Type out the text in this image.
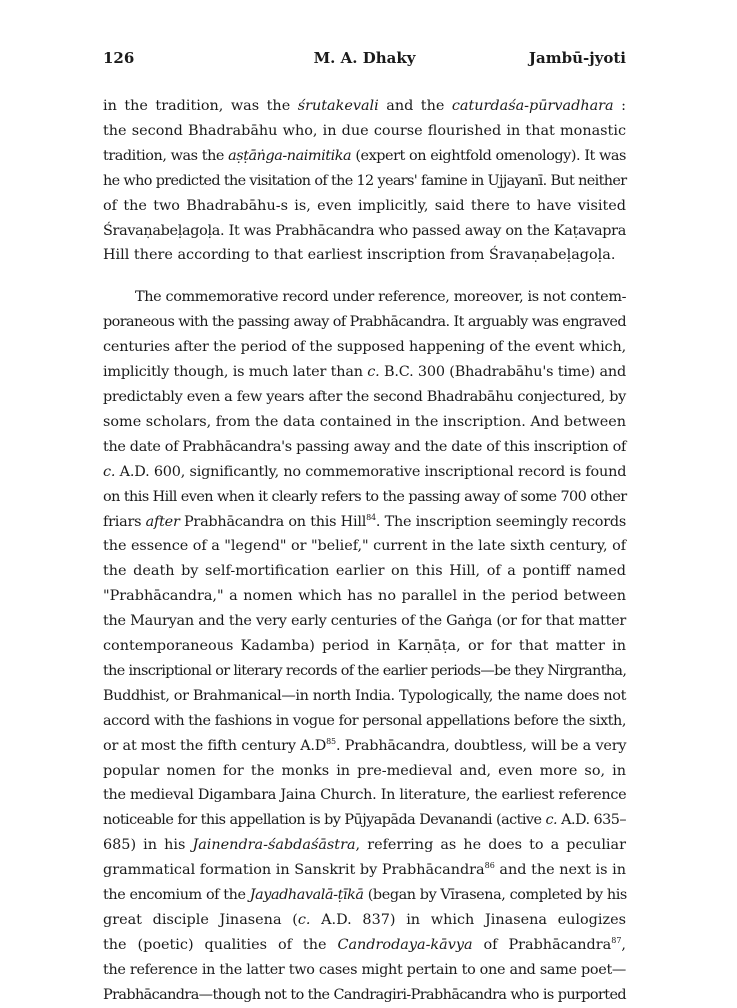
126	M. A. Dhaky	Jambū-jyoti

in the tradition, was the śrutakevali and the caturdaśa-pūrvadhara :
the second Bhadrabāhu who, in due course flourished in that monastic
tradition, was the aṣṭāṅga-naimitika (expert on eightfold omenology). It was
he who predicted the visitation of the 12 years' famine in Ujjayanī. But neither
of the two Bhadrabāhu-s is, even implicitly, said there to have visited
Śravaṇabeḷagoḷa. It was Prabhācandra who passed away on the Kaṭavapra
Hill there according to that earliest inscription from Śravaṇabeḷagoḷa.

The commemorative record under reference, moreover, is not contem-
poraneous with the passing away of Prabhācandra. It arguably was engraved
centuries after the period of the supposed happening of the event which,
implicitly though, is much later than c. B.C. 300 (Bhadrabāhu's time) and
predictably even a few years after the second Bhadrabāhu conjectured, by
some scholars, from the data contained in the inscription. And between
the date of Prabhācandra's passing away and the date of this inscription of
c. A.D. 600, significantly, no commemorative inscriptional record is found
on this Hill even when it clearly refers to the passing away of some 700 other
friars after Prabhācandra on this Hill$^{84}$. The inscription seemingly records
the essence of a "legend" or "belief," current in the late sixth century, of
the death by self-mortification earlier on this Hill, of a pontiff named
"Prabhācandra," a nomen which has no parallel in the period between
the Mauryan and the very early centuries of the Gaṅga (or for that matter
contemporaneous Kadamba) period in Karṇāṭa, or for that matter in
the inscriptional or literary records of the earlier periods—be they Nirgrantha,
Buddhist, or Brahmanical—in north India. Typologically, the name does not
accord with the fashions in vogue for personal appellations before the sixth,
or at most the fifth century $A.D^{85}$. Prabhācandra, doubtless, will be a very
popular nomen for the monks in pre-medieval and, even more so, in
the medieval Digambara Jaina Church. In literature, the earliest reference
noticeable for this appellation is by Pūjyapāda Devanandi (active c. A.D. 635–
685) in his Jainendra-śabdaśāstra, referring as he does to a peculiar
grammatical formation in Sanskrit by Prabhācandra$^{86}$ and the next is in
the encomium of the Jayadhavalā-ṭīkā (began by Vīrasena, completed by his
great disciple Jinasena (c. A.D. 837) in which Jinasena eulogizes
the (poetic) qualities of the Candrodaya-kāvya of Prabhācandra$^{87}$,
the reference in the latter two cases might pertain to one and same poet—
Prabhācandra—though not to the Candragiri-Prabhācandra who is purported
